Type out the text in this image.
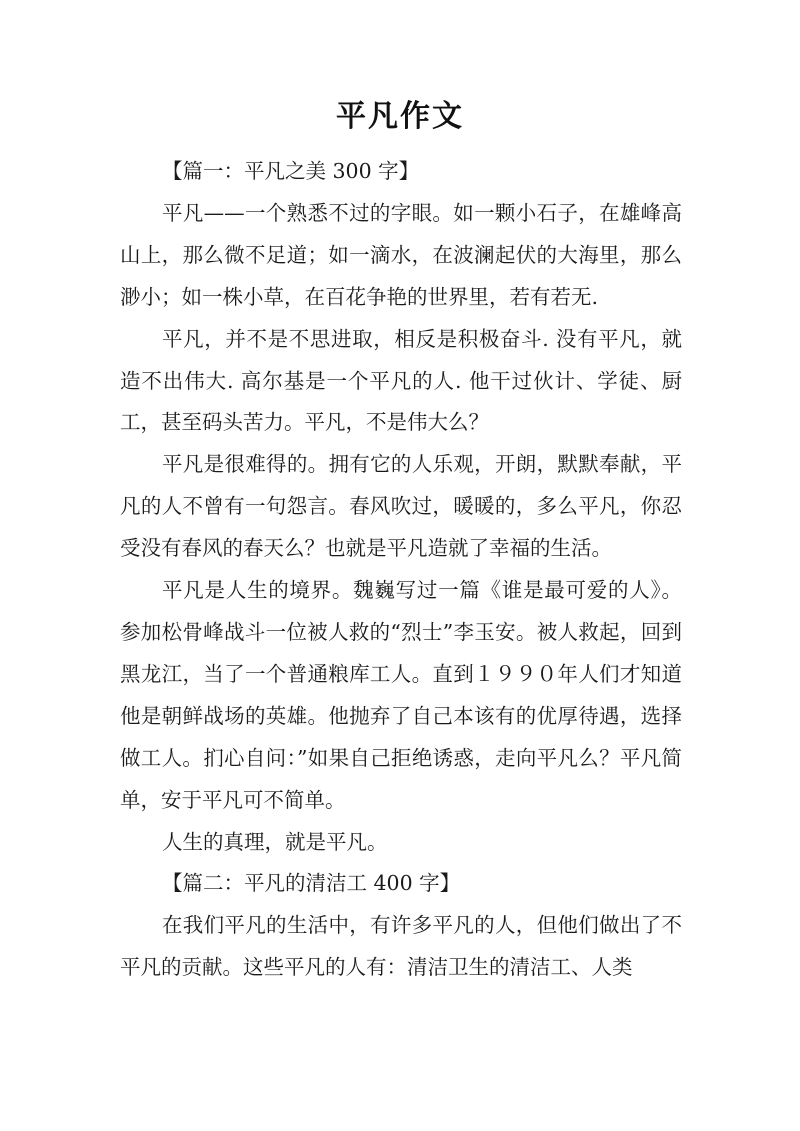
平凡作文

【篇一：平凡之美 300 字】

平凡——一个熟悉不过的字眼。如一颗小石子，在雄峰高山上，那么微不足道；如一滴水，在波澜起伏的大海里，那么渺小；如一株小草，在百花争艳的世界里，若有若无.

平凡，并不是不思进取，相反是积极奋斗. 没有平凡，就造不出伟大. 高尔基是一个平凡的人. 他干过伙计、学徒、厨工，甚至码头苦力。平凡，不是伟大么？

平凡是很难得的。拥有它的人乐观，开朗，默默奉献，平凡的人不曾有一句怨言。春风吹过，暖暖的，多么平凡，你忍受没有春风的春天么？也就是平凡造就了幸福的生活。

平凡是人生的境界。魏巍写过一篇《谁是最可爱的人》。参加松骨峰战斗一位被人救的“烈士”李玉安。被人救起，回到黑龙江，当了一个普通粮库工人。直到１９９０年人们才知道他是朝鲜战场的英雄。他抛弃了自己本该有的优厚待遇，选择做工人。扪心自问：”如果自己拒绝诱惑，走向平凡么？平凡简单，安于平凡可不简单。

人生的真理，就是平凡。

【篇二：平凡的清洁工 400 字】

在我们平凡的生活中，有许多平凡的人，但他们做出了不平凡的贡献。这些平凡的人有：清洁卫生的清洁工、人类
